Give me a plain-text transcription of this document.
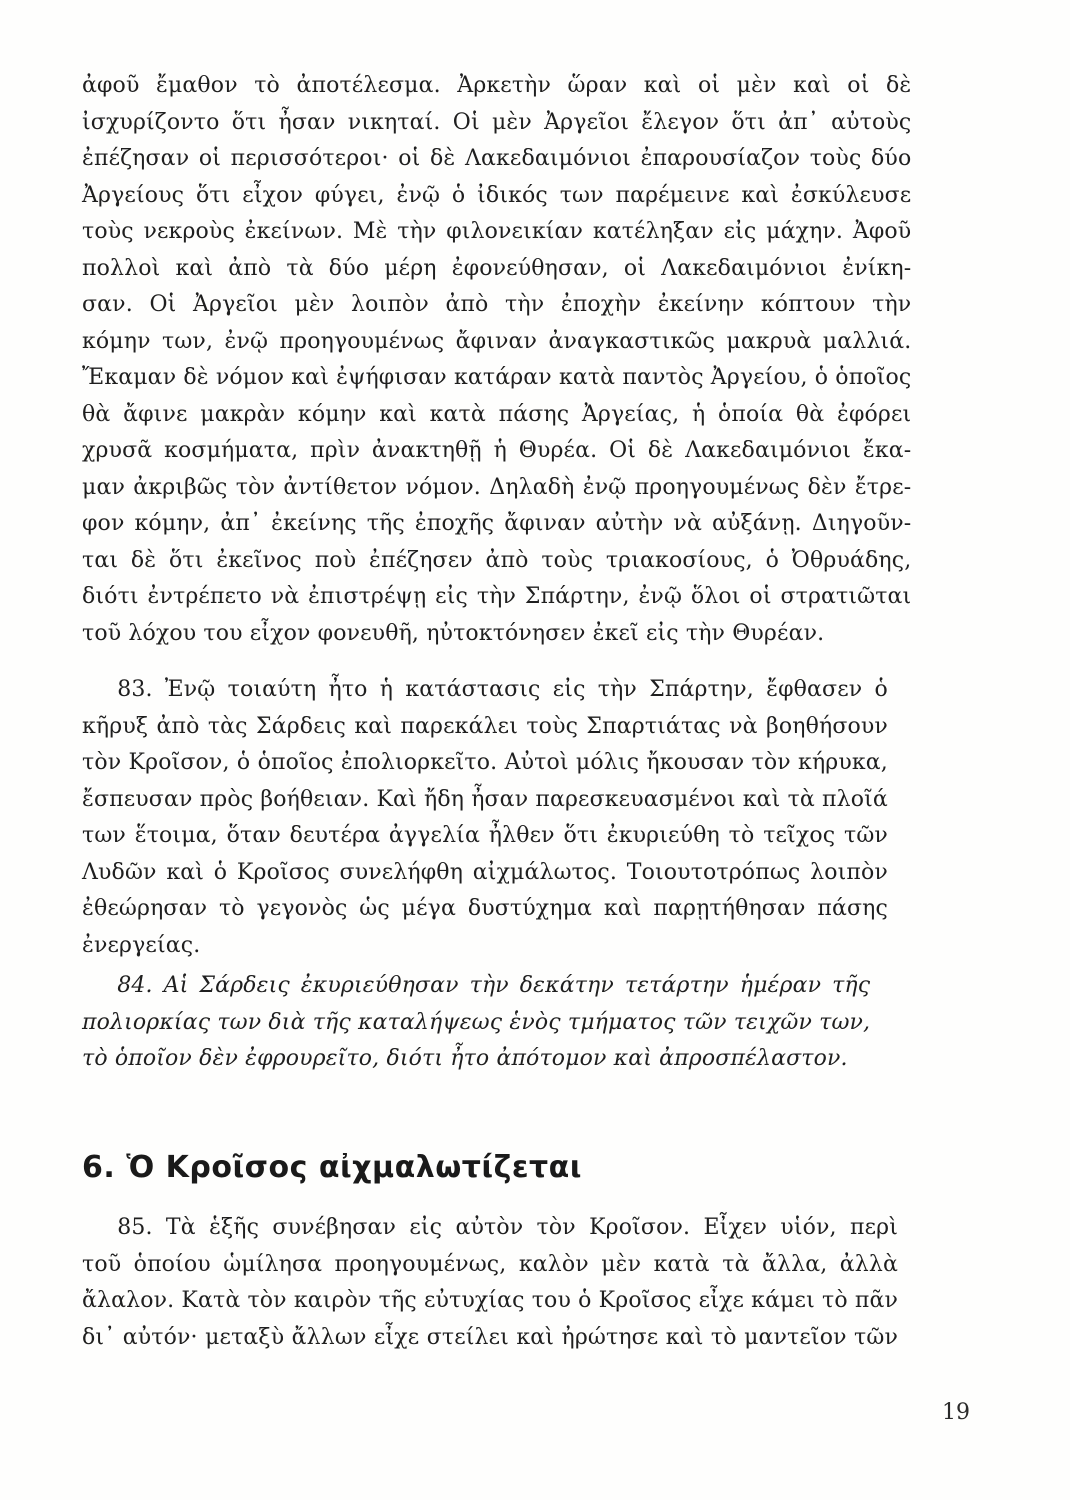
ἀφοῦ ἔμαθον τὸ ἀποτέλεσμα. Ἀρκετὴν ὥραν καὶ οἱ μὲν καὶ οἱ δὲ
ἰσχυρίζοντο ὅτι ἦσαν νικηταί. Οἱ μὲν Ἀργεῖοι ἔλεγον ὅτι ἀπ᾽ αὐτοὺς
ἐπέζησαν οἱ περισσότεροι· οἱ δὲ Λακεδαιμόνιοι ἐπαρουσίαζον τοὺς δύο
Ἀργείους ὅτι εἶχον φύγει, ἐνῷ ὁ ἰδικός των παρέμεινε καὶ ἐσκύλευσε
τοὺς νεκροὺς ἐκείνων. Μὲ τὴν φιλονεικίαν κατέληξαν εἰς μάχην. Ἀφοῦ
πολλοὶ καὶ ἀπὸ τὰ δύο μέρη ἐφονεύθησαν, οἱ Λακεδαιμόνιοι ἐνίκη-
σαν. Οἱ Ἀργεῖοι μὲν λοιπὸν ἀπὸ τὴν ἐποχὴν ἐκείνην κόπτουν τὴν
κόμην των, ἐνῷ προηγουμένως ἄφιναν ἀναγκαστικῶς μακρυὰ μαλλιά.
Ἔκαμαν δὲ νόμον καὶ ἐψήφισαν κατάραν κατὰ παντὸς Ἀργείου, ὁ ὁποῖος
θὰ ἄφινε μακρὰν κόμην καὶ κατὰ πάσης Ἀργείας, ἡ ὁποία θὰ ἐφόρει
χρυσᾶ κοσμήματα, πρὶν ἀνακτηθῇ ἡ Θυρέα. Οἱ δὲ Λακεδαιμόνιοι ἔκα-
μαν ἀκριβῶς τὸν ἀντίθετον νόμον. Δηλαδὴ ἐνῷ προηγουμένως δὲν ἔτρε-
φον κόμην, ἀπ᾽ ἐκείνης τῆς ἐποχῆς ἄφιναν αὐτὴν νὰ αὐξάνῃ. Διηγοῦν-
ται δὲ ὅτι ἐκεῖνος ποὺ ἐπέζησεν ἀπὸ τοὺς τριακοσίους, ὁ Ὀθρυάδης,
διότι ἐντρέπετο νὰ ἐπιστρέψῃ εἰς τὴν Σπάρτην, ἐνῷ ὅλοι οἱ στρατιῶται
τοῦ λόχου του εἶχον φονευθῆ, ηὐτοκτόνησεν ἐκεῖ εἰς τὴν Θυρέαν.

83. Ἐνῷ τοιαύτη ἦτο ἡ κατάστασις εἰς τὴν Σπάρτην, ἔφθασεν ὁ
κῆρυξ ἀπὸ τὰς Σάρδεις καὶ παρεκάλει τοὺς Σπαρτιάτας νὰ βοηθήσουν
τὸν Κροῖσον, ὁ ὁποῖος ἐπολιορκεῖτο. Αὐτοὶ μόλις ἤκουσαν τὸν κήρυκα,
ἔσπευσαν πρὸς βοήθειαν. Καὶ ἤδη ἦσαν παρεσκευασμένοι καὶ τὰ πλοῖά
των ἕτοιμα, ὅταν δευτέρα ἀγγελία ἦλθεν ὅτι ἐκυριεύθη τὸ τεῖχος τῶν
Λυδῶν καὶ ὁ Κροῖσος συνελήφθη αἰχμάλωτος. Τοιουτοτρόπως λοιπὸν
ἐθεώρησαν τὸ γεγονὸς ὡς μέγα δυστύχημα καὶ παρῃτήθησαν πάσης
ἐνεργείας.

84. Αἱ Σάρδεις ἐκυριεύθησαν τὴν δεκάτην τετάρτην ἡμέραν τῆς
πολιορκίας των διὰ τῆς καταλήψεως ἑνὸς τμήματος τῶν τειχῶν των,
τὸ ὁποῖον δὲν ἐφρουρεῖτο, διότι ἦτο ἀπότομον καὶ ἀπροσπέλαστον.

6. Ὁ Κροῖσος αἰχμαλωτίζεται

85. Τὰ ἑξῆς συνέβησαν εἰς αὐτὸν τὸν Κροῖσον. Εἶχεν υἱόν, περὶ
τοῦ ὁποίου ὡμίλησα προηγουμένως, καλὸν μὲν κατὰ τὰ ἄλλα, ἀλλὰ
ἄλαλον. Κατὰ τὸν καιρὸν τῆς εὐτυχίας του ὁ Κροῖσος εἶχε κάμει τὸ πᾶν
δι᾽ αὐτόν· μεταξὺ ἄλλων εἶχε στείλει καὶ ἠρώτησε καὶ τὸ μαντεῖον τῶν

19
